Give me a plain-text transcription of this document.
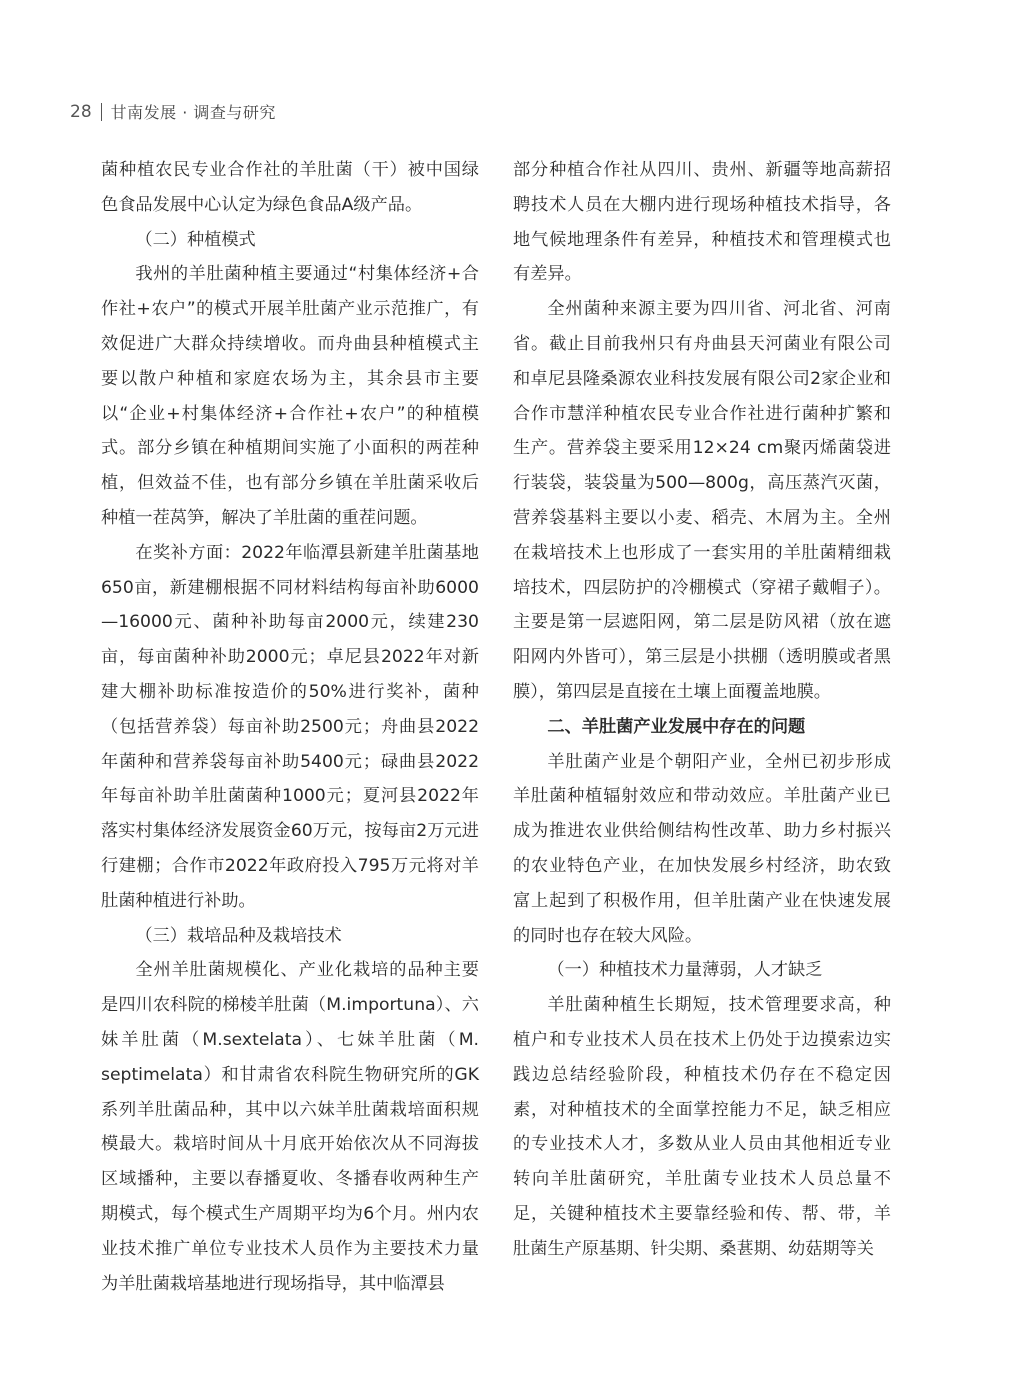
28 甘南发展 · 调查与研究

菌种植农民专业合作社的羊肚菌（干）被中国绿色食品发展中心认定为绿色食品A级产品。

（二）种植模式

我州的羊肚菌种植主要通过“村集体经济+合作社+农户”的模式开展羊肚菌产业示范推广，有效促进广大群众持续增收。而舟曲县种植模式主要以散户种植和家庭农场为主，其余县市主要以“企业+村集体经济+合作社+农户”的种植模式。部分乡镇在种植期间实施了小面积的两茬种植，但效益不佳，也有部分乡镇在羊肚菌采收后种植一茬莴笋，解决了羊肚菌的重茬问题。

在奖补方面：2022年临潭县新建羊肚菌基地650亩，新建棚根据不同材料结构每亩补助6000—16000元、菌种补助每亩2000元，续建230亩，每亩菌种补助2000元；卓尼县2022年对新建大棚补助标准按造价的50%进行奖补，菌种（包括营养袋）每亩补助2500元；舟曲县2022年菌种和营养袋每亩补助5400元；碌曲县2022年每亩补助羊肚菌菌种1000元；夏河县2022年落实村集体经济发展资金60万元，按每亩2万元进行建棚；合作市2022年政府投入795万元将对羊肚菌种植进行补助。

（三）栽培品种及栽培技术

全州羊肚菌规模化、产业化栽培的品种主要是四川农科院的梯棱羊肚菌（M.importuna）、六妹羊肚菌（M.sextelata）、七妹羊肚菌（M. septimelata）和甘肃省农科院生物研究所的GK系列羊肚菌品种，其中以六妹羊肚菌栽培面积规模最大。栽培时间从十月底开始依次从不同海拔区域播种，主要以春播夏收、冬播春收两种生产期模式，每个模式生产周期平均为6个月。州内农业技术推广单位专业技术人员作为主要技术力量为羊肚菌栽培基地进行现场指导，其中临潭县

部分种植合作社从四川、贵州、新疆等地高薪招聘技术人员在大棚内进行现场种植技术指导，各地气候地理条件有差异，种植技术和管理模式也有差异。

全州菌种来源主要为四川省、河北省、河南省。截止目前我州只有舟曲县天河菌业有限公司和卓尼县隆桑源农业科技发展有限公司2家企业和合作市慧洋种植农民专业合作社进行菌种扩繁和生产。营养袋主要采用12×24 cm聚丙烯菌袋进行装袋，装袋量为500—800g，高压蒸汽灭菌，营养袋基料主要以小麦、稻壳、木屑为主。全州在栽培技术上也形成了一套实用的羊肚菌精细栽培技术，四层防护的冷棚模式（穿裙子戴帽子）。主要是第一层遮阳网，第二层是防风裙（放在遮阳网内外皆可），第三层是小拱棚（透明膜或者黑膜），第四层是直接在土壤上面覆盖地膜。

二、羊肚菌产业发展中存在的问题

羊肚菌产业是个朝阳产业，全州已初步形成羊肚菌种植辐射效应和带动效应。羊肚菌产业已成为推进农业供给侧结构性改革、助力乡村振兴的农业特色产业，在加快发展乡村经济，助农致富上起到了积极作用，但羊肚菌产业在快速发展的同时也存在较大风险。

（一）种植技术力量薄弱，人才缺乏

羊肚菌种植生长期短，技术管理要求高，种植户和专业技术人员在技术上仍处于边摸索边实践边总结经验阶段，种植技术仍存在不稳定因素，对种植技术的全面掌控能力不足，缺乏相应的专业技术人才，多数从业人员由其他相近专业转向羊肚菌研究，羊肚菌专业技术人员总量不足，关键种植技术主要靠经验和传、帮、带，羊肚菌生产原基期、针尖期、桑葚期、幼菇期等关
